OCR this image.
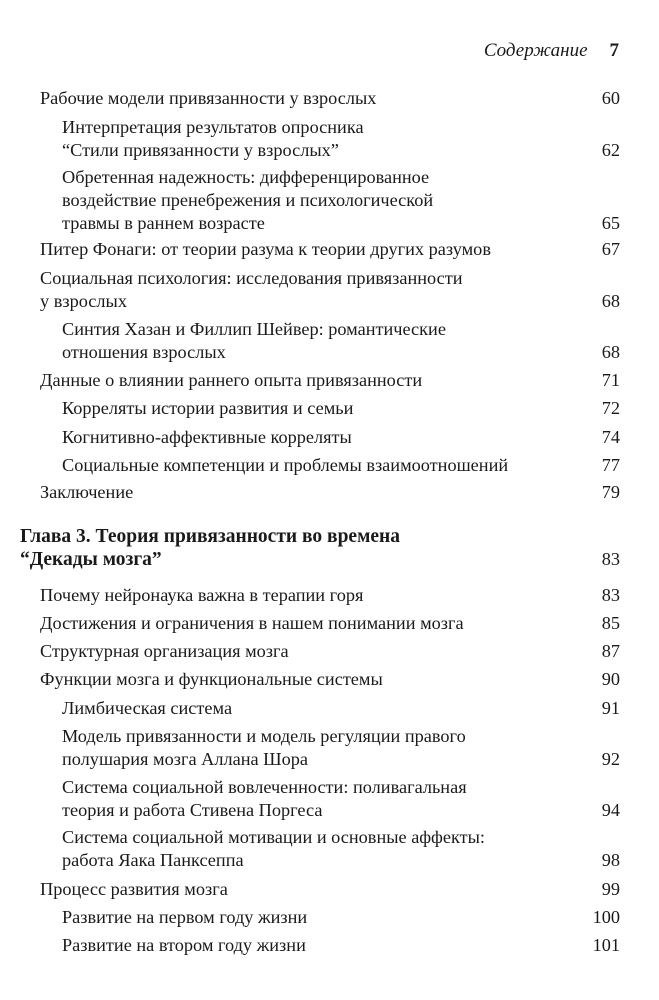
Содержание 7
Рабочие модели привязанности у взрослых	60
Интерпретация результатов опросника
“Стили привязанности у взрослых”	62
Обретенная надежность: дифференцированное
воздействие пренебрежения и психологической
травмы в раннем возрасте	65
Питер Фонаги: от теории разума к теории других разумов	67
Социальная психология: исследования привязанности
у взрослых	68
Синтия Хазан и Филлип Шейвер: романтические
отношения взрослых	68
Данные о влиянии раннего опыта привязанности	71
Корреляты истории развития и семьи	72
Когнитивно-аффективные корреляты	74
Социальные компетенции и проблемы взаимоотношений	77
Заключение	79
Глава 3. Теория привязанности во времена
“Декады мозга”	83
Почему нейронаука важна в терапии горя	83
Достижения и ограничения в нашем понимании мозга	85
Структурная организация мозга	87
Функции мозга и функциональные системы	90
Лимбическая система	91
Модель привязанности и модель регуляции правого
полушария мозга Аллана Шора	92
Система социальной вовлеченности: поливагальная
теория и работа Стивена Поргеса	94
Система социальной мотивации и основные аффекты:
работа Яака Панксеппа	98
Процесс развития мозга	99
Развитие на первом году жизни	100
Развитие на втором году жизни	101
